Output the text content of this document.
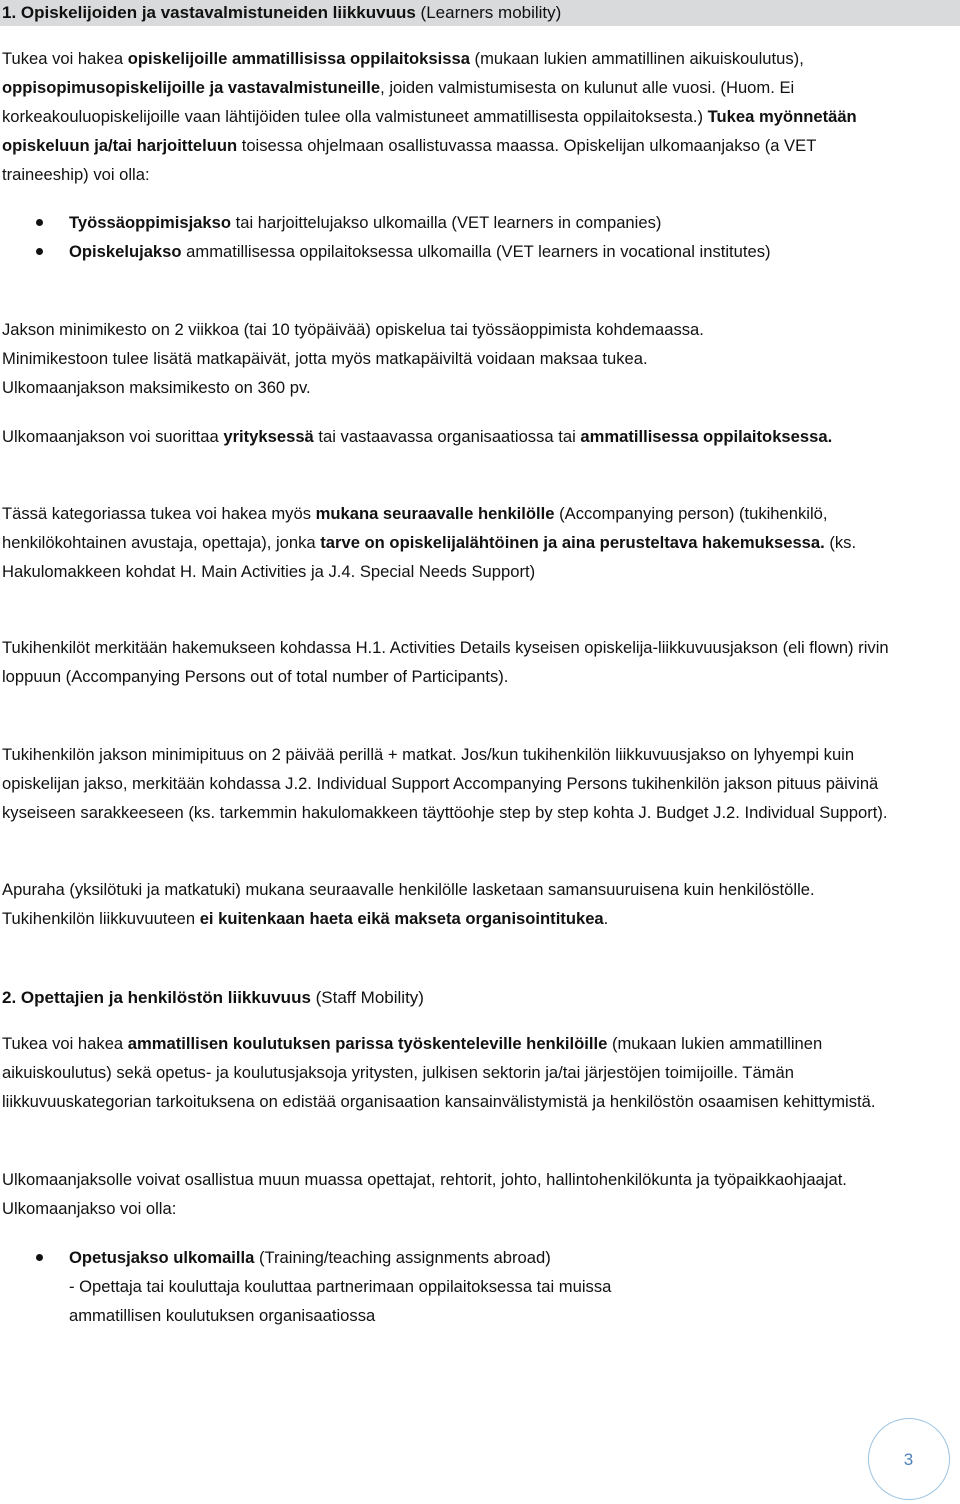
1. Opiskelijoiden ja vastavalmistuneiden liikkuvuus (Learners mobility)

Tukea voi hakea opiskelijoille ammatillisissa oppilaitoksissa (mukaan lukien ammatillinen aikuiskoulutus), oppisopimusopiskelijoille ja vastavalmistuneille, joiden valmistumisesta on kulunut alle vuosi. (Huom. Ei korkeakouluopiskelijoille vaan lähtijöiden tulee olla valmistuneet ammatillisesta oppilaitoksesta.) Tukea myönnetään opiskeluun ja/tai harjoitteluun toisessa ohjelmaan osallistuvassa maassa. Opiskelijan ulkomaanjakso (a VET traineeship) voi olla:

Työssäoppimisjakso tai harjoittelujakso ulkomailla (VET learners in companies)
Opiskelujakso ammatillisessa oppilaitoksessa ulkomailla (VET learners in vocational institutes)

Jakson minimikesto on 2 viikkoa (tai 10 työpäivää) opiskelua tai työssäoppimista kohdemaassa.

Minimikestoon tulee lisätä matkapäivät, jotta myös matkapäiviltä voidaan maksaa tukea.

Ulkomaanjakson maksimikesto on 360 pv.

Ulkomaanjakson voi suorittaa yrityksessä tai vastaavassa organisaatiossa tai ammatillisessa oppilaitoksessa.

Tässä kategoriassa tukea voi hakea myös mukana seuraavalle henkilölle (Accompanying person) (tukihenkilö, henkilökohtainen avustaja, opettaja), jonka tarve on opiskelijalähtöinen ja aina perusteltava hakemuksessa. (ks. Hakulomakkeen kohdat H. Main Activities ja J.4. Special Needs Support)

Tukihenkilöt merkitään hakemukseen kohdassa H.1. Activities Details kyseisen opiskelija-liikkuvuusjakson (eli flown) rivin loppuun (Accompanying Persons out of total number of Participants).

Tukihenkilön jakson minimipituus on 2 päivää perillä + matkat. Jos/kun tukihenkilön liikkuvuusjakso on lyhyempi kuin opiskelijan jakso, merkitään kohdassa J.2. Individual Support Accompanying Persons tukihenkilön jakson pituus päivinä kyseiseen sarakkeeseen (ks. tarkemmin hakulomakkeen täyttöohje step by step kohta J. Budget J.2. Individual Support).

Apuraha (yksilötuki ja matkatuki) mukana seuraavalle henkilölle lasketaan samansuuruisena kuin henkilöstölle. Tukihenkilön liikkuvuuteen ei kuitenkaan haeta eikä makseta organisointitukea.

2. Opettajien ja henkilöstön liikkuvuus (Staff Mobility)

Tukea voi hakea ammatillisen koulutuksen parissa työskenteleville henkilöille (mukaan lukien ammatillinen aikuiskoulutus) sekä opetus- ja koulutusjaksoja yritysten, julkisen sektorin ja/tai järjestöjen toimijoille. Tämän liikkuvuuskategorian tarkoituksena on edistää organisaation kansainvälistymistä ja henkilöstön osaamisen kehittymistä.

Ulkomaanjaksolle voivat osallistua muun muassa opettajat, rehtorit, johto, hallintohenkilökunta ja työpaikkaohjaajat. Ulkomaanjakso voi olla:

Opetusjakso ulkomailla (Training/teaching assignments abroad)
- Opettaja tai kouluttaja kouluttaa partnerimaan oppilaitoksessa tai muissa
ammatillisen koulutuksen organisaatiossa
3
